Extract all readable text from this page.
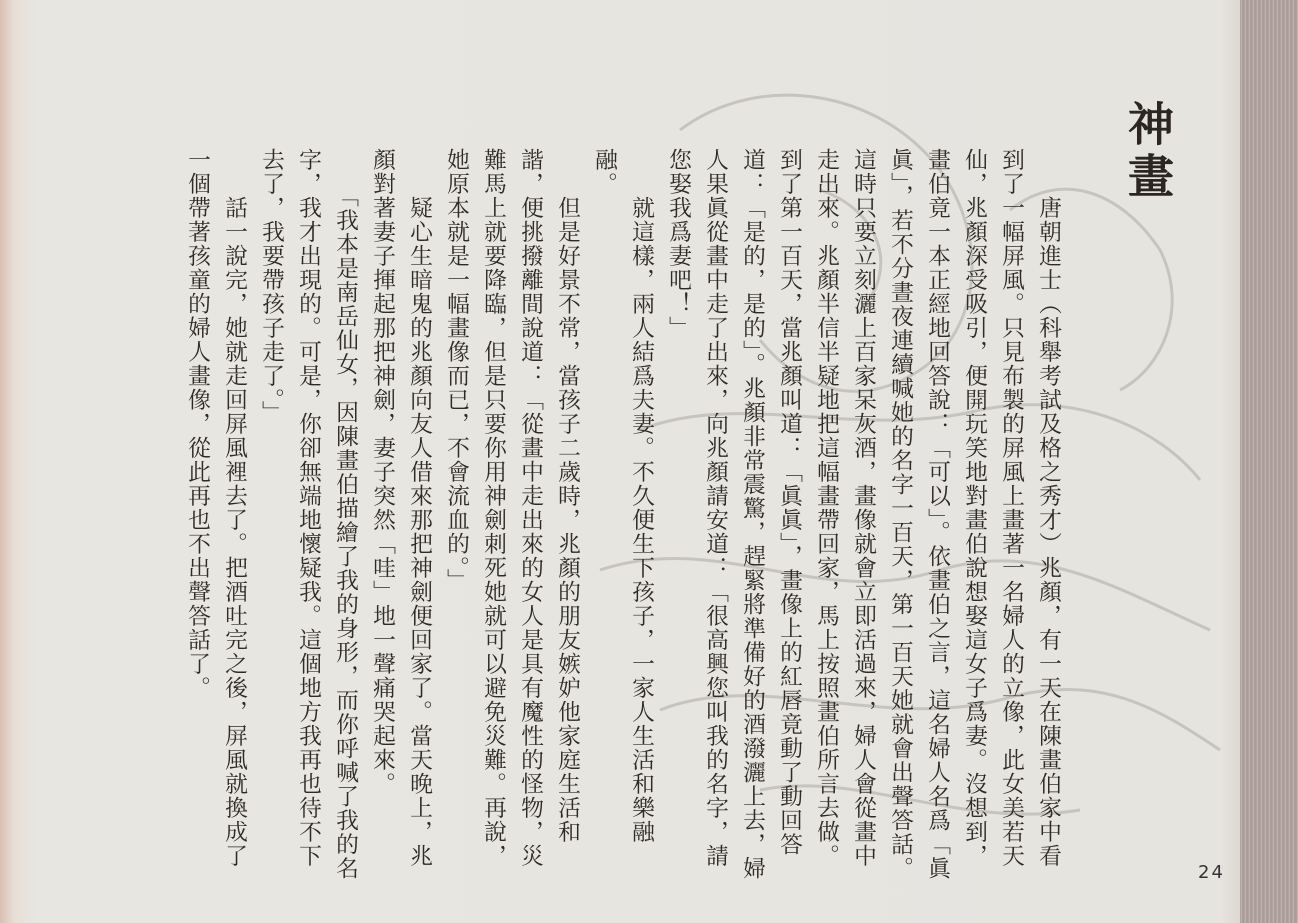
神畫

　　唐朝進士（科舉考試及格之秀才）兆顏，有一天在陳畫伯家中看到了一幅屏風。只見布製的屏風上畫著一名婦人的立像，此女美若天仙，兆顏深受吸引，便開玩笑地對畫伯說想娶這女子爲妻。沒想到，畫伯竟一本正經地回答說：「可以」。依畫伯之言，這名婦人名爲「眞眞」，若不分晝夜連續喊她的名字一百天，第一百天她就會出聲答話。這時只要立刻灑上百家呆灰酒，畫像就會立即活過來，婦人會從畫中走出來。兆顏半信半疑地把這幅畫帶回家，馬上按照畫伯所言去做。到了第一百天，當兆顏叫道：「眞眞」，畫像上的紅唇竟動了動回答道：「是的，是的」。兆顏非常震驚，趕緊將準備好的酒潑灑上去，婦人果眞從畫中走了出來，向兆顏請安道：「很高興您叫我的名字，請您娶我爲妻吧！」

　　就這樣，兩人結爲夫妻。不久便生下孩子，一家人生活和樂融融。

　　但是好景不常，當孩子二歲時，兆顏的朋友嫉妒他家庭生活和諧，便挑撥離間說道：「從畫中走出來的女人是具有魔性的怪物，災難馬上就要降臨，但是只要你用神劍刺死她就可以避免災難。再說，她原本就是一幅畫像而已，不會流血的。」

　　疑心生暗鬼的兆顏向友人借來那把神劍便回家了。當天晚上，兆顏對著妻子揮起那把神劍，妻子突然「哇」地一聲痛哭起來。

　　「我本是南岳仙女，因陳畫伯描繪了我的身形，而你呼喊了我的名字，我才出現的。可是，你卻無端地懷疑我。這個地方我再也待不下去了，我要帶孩子走了。」

　　話一說完，她就走回屏風裡去了。把酒吐完之後，屏風就換成了一個帶著孩童的婦人畫像，從此再也不出聲答話了。

24
